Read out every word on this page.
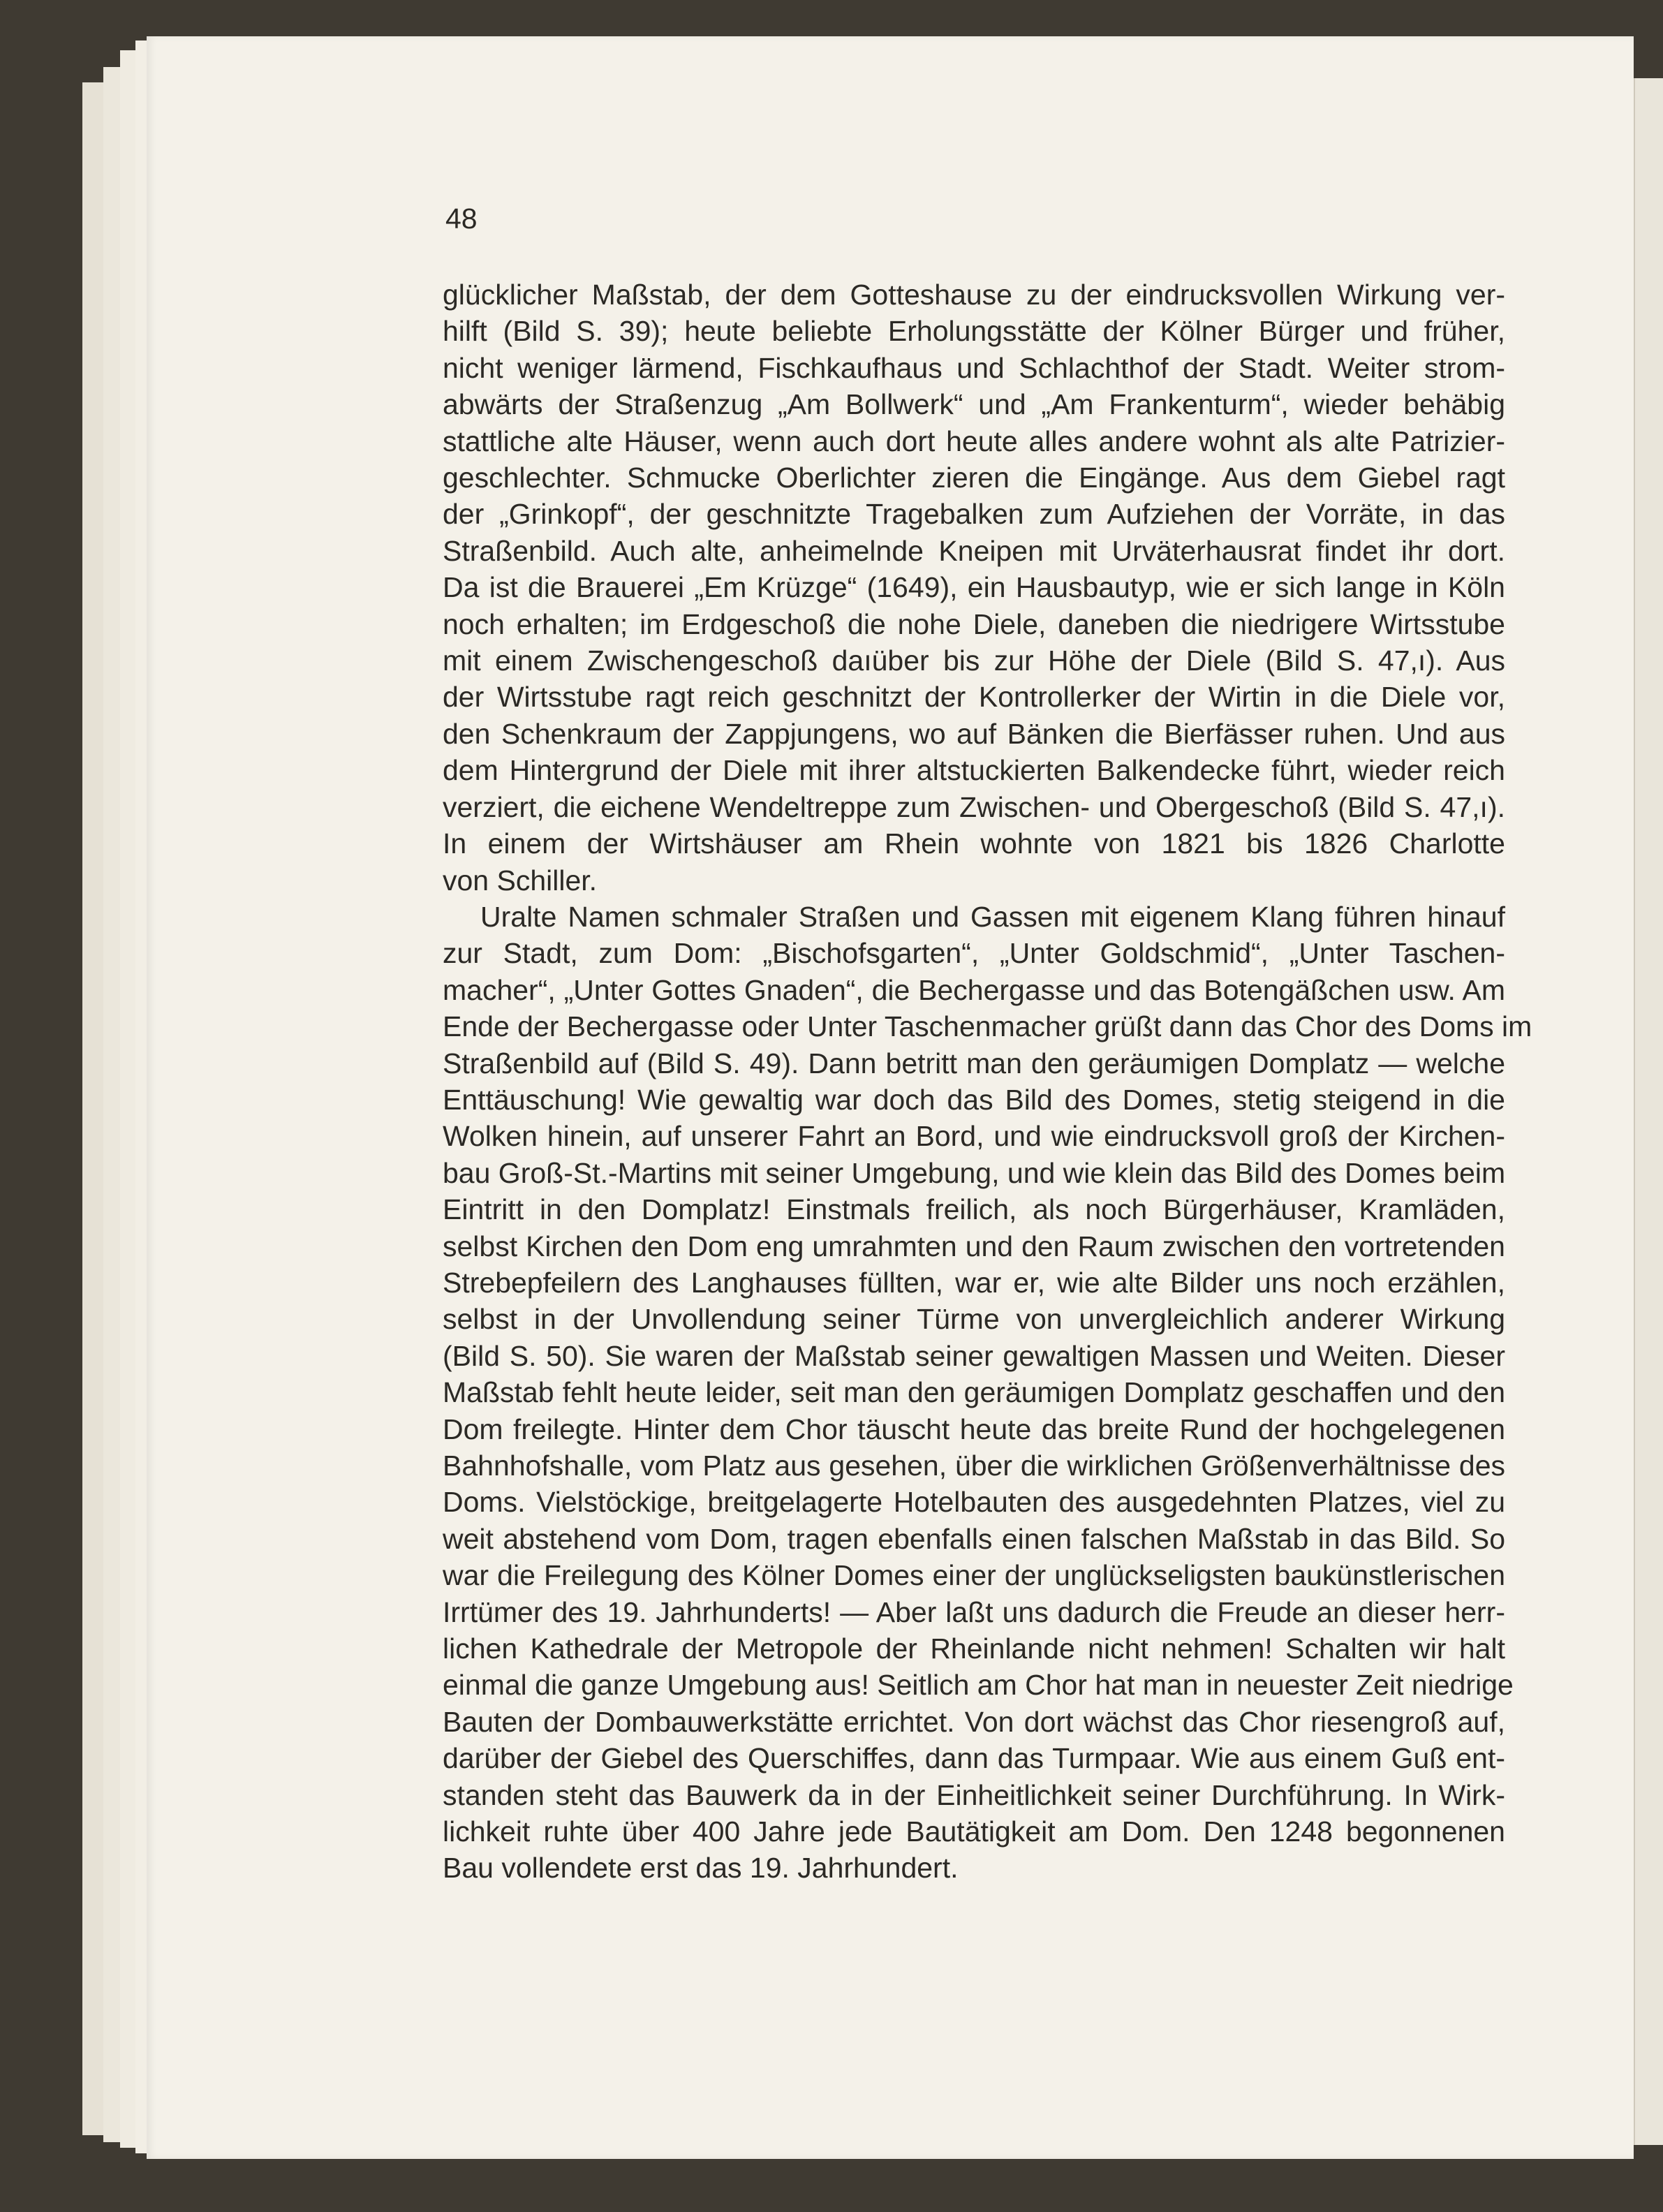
48
glücklicher Maßstab, der dem Gotteshause zu der eindrucksvollen Wirkung ver-
hilft (Bild S. 39); heute beliebte Erholungsstätte der Kölner Bürger und früher,
nicht weniger lärmend, Fischkaufhaus und Schlachthof der Stadt. Weiter strom-
abwärts der Straßenzug „Am Bollwerk“ und „Am Frankenturm“, wieder behäbig
stattliche alte Häuser, wenn auch dort heute alles andere wohnt als alte Patrizier-
geschlechter. Schmucke Oberlichter zieren die Eingänge. Aus dem Giebel ragt
der „Grinkopf“, der geschnitzte Tragebalken zum Aufziehen der Vorräte, in das
Straßenbild. Auch alte, anheimelnde Kneipen mit Urväterhausrat findet ihr dort.
Da ist die Brauerei „Em Krüzge“ (1649), ein Hausbautyp, wie er sich lange in Köln
noch erhalten; im Erdgeschoß die nohe Diele, daneben die niedrigere Wirtsstube
mit einem Zwischengeschoß daıüber bis zur Höhe der Diele (Bild S. 47,ı). Aus
der Wirtsstube ragt reich geschnitzt der Kontrollerker der Wirtin in die Diele vor,
den Schenkraum der Zappjungens, wo auf Bänken die Bierfässer ruhen. Und aus
dem Hintergrund der Diele mit ihrer altstuckierten Balkendecke führt, wieder reich
verziert, die eichene Wendeltreppe zum Zwischen- und Obergeschoß (Bild S. 47,ı).
In einem der Wirtshäuser am Rhein wohnte von 1821 bis 1826 Charlotte
von Schiller.
Uralte Namen schmaler Straßen und Gassen mit eigenem Klang führen hinauf
zur Stadt, zum Dom: „Bischofsgarten“, „Unter Goldschmid“, „Unter Taschen-
macher“, „Unter Gottes Gnaden“, die Bechergasse und das Botengäßchen usw. Am
Ende der Bechergasse oder Unter Taschenmacher grüßt dann das Chor des Doms im
Straßenbild auf (Bild S. 49). Dann betritt man den geräumigen Domplatz — welche
Enttäuschung! Wie gewaltig war doch das Bild des Domes, stetig steigend in die
Wolken hinein, auf unserer Fahrt an Bord, und wie eindrucksvoll groß der Kirchen-
bau Groß-St.-Martins mit seiner Umgebung, und wie klein das Bild des Domes beim
Eintritt in den Domplatz! Einstmals freilich, als noch Bürgerhäuser, Kramläden,
selbst Kirchen den Dom eng umrahmten und den Raum zwischen den vortretenden
Strebepfeilern des Langhauses füllten, war er, wie alte Bilder uns noch erzählen,
selbst in der Unvollendung seiner Türme von unvergleichlich anderer Wirkung
(Bild S. 50). Sie waren der Maßstab seiner gewaltigen Massen und Weiten. Dieser
Maßstab fehlt heute leider, seit man den geräumigen Domplatz geschaffen und den
Dom freilegte. Hinter dem Chor täuscht heute das breite Rund der hochgelegenen
Bahnhofshalle, vom Platz aus gesehen, über die wirklichen Größenverhältnisse des
Doms. Vielstöckige, breitgelagerte Hotelbauten des ausgedehnten Platzes, viel zu
weit abstehend vom Dom, tragen ebenfalls einen falschen Maßstab in das Bild. So
war die Freilegung des Kölner Domes einer der unglückseligsten baukünstlerischen
Irrtümer des 19. Jahrhunderts! — Aber laßt uns dadurch die Freude an dieser herr-
lichen Kathedrale der Metropole der Rheinlande nicht nehmen! Schalten wir halt
einmal die ganze Umgebung aus! Seitlich am Chor hat man in neuester Zeit niedrige
Bauten der Dombauwerkstätte errichtet. Von dort wächst das Chor riesengroß auf,
darüber der Giebel des Querschiffes, dann das Turmpaar. Wie aus einem Guß ent-
standen steht das Bauwerk da in der Einheitlichkeit seiner Durchführung. In Wirk-
lichkeit ruhte über 400 Jahre jede Bautätigkeit am Dom. Den 1248 begonnenen
Bau vollendete erst das 19. Jahrhundert.
